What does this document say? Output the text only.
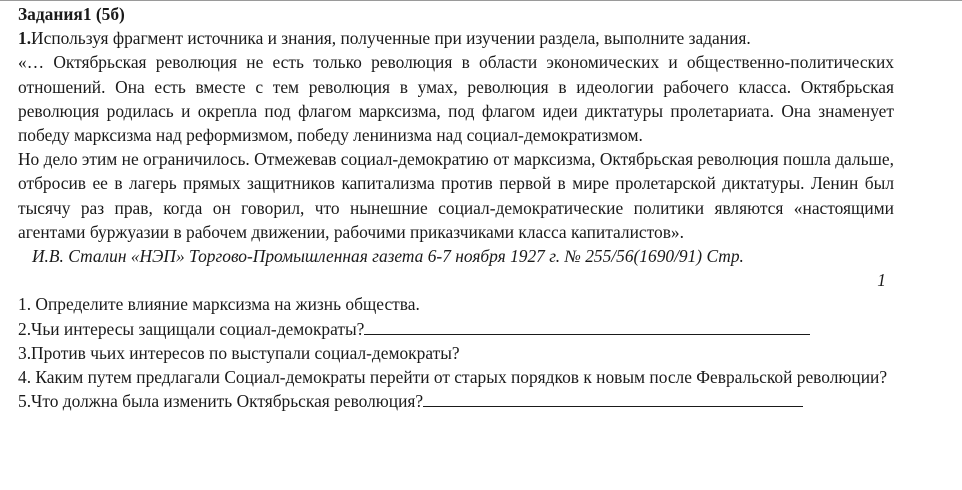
Задания1 (5б)

1.Используя фрагмент источника и знания, полученные при изучении раздела, выполните задания.

«… Октябрьская революция не есть только революция в области экономических и общественно-политических отношений. Она есть вместе с тем революция в умах, революция в идеологии рабочего класса. Октябрьская революция родилась и окрепла под флагом марксизма, под флагом идеи диктатуры пролетариата. Она знаменует победу марксизма над реформизмом, победу ленинизма над социал-демократизмом.

Но дело этим не ограничилось. Отмежевав социал-демократию от марксизма, Октябрьская революция пошла дальше, отбросив ее в лагерь прямых защитников капитализма против первой в мире пролетарской диктатуры. Ленин был тысячу раз прав, когда он говорил, что нынешние социал-демократические политики являются «настоящими агентами буржуазии в рабочем движении, рабочими приказчиками класса капиталистов».

И.В. Сталин «НЭП» Торгово-Промышленная газета 6-7 ноября 1927 г. № 255/56(1690/91) Стр.
1

1. Определите влияние марксизма на жизнь общества.

2.Чьи интересы защищали социал-демократы?

3.Против чьих интересов по выступали социал-демократы?

4. Каким путем предлагали Социал-демократы перейти от старых порядков к новым после Февральской революции?

5.Что должна была изменить Октябрьская революция?
